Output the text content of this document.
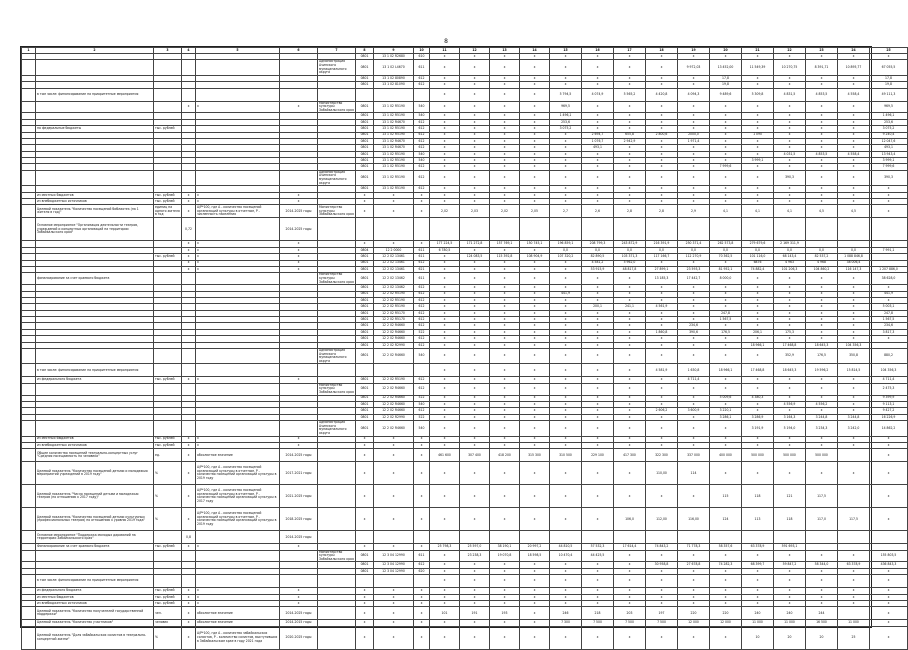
8
1	2	3	4	5	6	7	8	9	10	11	12	13	14	15	16	17	18	19	20	21	22	23	24	25
							0801	13 1 02 R2680	610	x	x	x	x	x	x	x	x	x	x	x	x	x	x	x
						Администрация Ачинского муниципального округа	0801	13 1 02 L4670	611	x	x	x	x	x	x	x	x	9 972,03	13 452,00	11 549,39	10 270,75	8 391,71	10 895,77	67 055,5
							0801	13 1 02 80890	612	x	x	x	x	x	x	x	x	x	17,8	x	x	x	x	17,8
							0801	13 1 02 81090	612	x	x	x	x	x	x	x	x	x	19,8	x	x	x	x	19,8
	в том числе: финансирование на приоритетные мероприятия									x	x	x	x	5 794,5	4 074,9	5 565,2	4 420,8	4 094,3	9 489,6	5 309,8	4 831,5	4 853,5	4 558,4	49 111,3
			x	x	x	Министерство культуры Забайкальского края	0801	13 1 02 R5190	540	x	x	x	x	969,5	x	x	x	x	x	x	x	x	x	969,5
							0801	13 1 02 R5190	540	x	x	x	x	1 496,1	x	x	x	x	x	x	x	x	x	1 496,1
							0801	13 1 02 R4670	612	x	x	x	x	253,6	x	x	x	x	x	x	x	x	x	253,6
	на федеральные бюджеты	тыс. рублей					0801	13 1 02 R5190	612	x	x	x	x	3 075,2	x	x	x	x	x	x	x	x	x	3 075,2
							0801	13 1 02 R5190	612	x	x	x	x	x	2 694,7	655,8	2 800,6	2000,0	x	1 090	x	x	x	9 240,4
							0801	13 1 02 R4670	612	x	x	x	x	x	1 076,7	2 942,9	x	1 971,4	x	x	x	x	x	12 047,6
							0801	13 1 02 R4670	612	x	x	x	x	x	493,1	x	x	x	x	x	x	x	x	493,1
							0801	13 1 02 R5190	540	x	x	x	x	x	x	x	x	x	x	x	4 031,5	4 853,5	4 558,4	13 943,4
							0801	13 1 02 R5190	540	x	x	x	x	x	x	x	x	x	x	3 999,1	x	x	x	3 999,1
							0801	13 1 02 R5190	612	x	x	x	x	x	x	x	x	x	7 999,6	x	x	x	x	7 999,6
						Администрация Ачинского муниципального округа	0801	13 1 02 R5190	612	x	x	x	x	x	x	x	x	x	x	x	390,3	x	x	390,3
							0801	13 1 02 R5190	612	x	x	x	x	x	x	x	x	x	x	x	x	x	x	x
	из местных бюджетов	тыс. рублей	x	x	x		x	x	x	x	x	x	x	x	x	x	x	x	x	x	x	x	x	x
	из внебюджетных источников	тыс. рублей	x	x	x		x	x	x	x	x	x	x	x	x	x	x	x	x	x	x	x	x	x
	Целевой показатель "Количество посещений библиотек (на 1 жителя в год)"	единиц на одного жителя в год	х	А/Р*100, где А - количество посещений организаций культуры в отчетном, Р - численность населения	2014-2025 годы	Министерство культуры Забайкальского края	х	х	х	2,02	2,03	2,02	2,05	2,7	2,6	2,8	2,8	2,9	4,1	4,1	4,1	4,5	4,5	х
	Основное мероприятие "Организация деятельности театров, учреждений и концертных организаций на территории Забайкальского края"		0,72		2014-2025 годы																			
			x	x	x		x	x	x	177 224,5	171 272,8	157 769,1	150 745,1	196 859,1	208 799,3	243 872,9	216 391,9	250 371,4	262 573,8	279 679,6	2 169 311,9			
			x	x	x		0804	12 2 0000	611	6 780,5	x	x	x	0,0	0,0	0,0	0,0	0,0	0,0	0,0	0,0	0,0	0,0	7 991,1
		тыс. рублей	x	x	x		0801	12 2 02 13461	611	x	124 083,5	115 392,8	108 904,9	107 320,2	82 890,5	103 371,3	117 166,7	112 270,9	70 362,5	101 116,0	68 143,4	82 537,2	1 088 846,8	
			x	x	x		0801	12 2 02 13461	612	x	x	x	x	x	4 581,2	5 962,0	x	x	x	6876	4 963	4 968	38 006,4	
			x	x	x		0801	12 2 02 13461	621	x	x	x	x	x	53 915,9	48 817,8	27 899,1	23 593,3	81 952,1	74 882,4	101 206,3	104 860,2	116 147,3	1 207 886,0
	финансирование за счет краевого бюджета					Министерство культуры Забайкальского края	0801	12 2 02 13462	611	x	x	x	x	x	x	x	13 185,3	17 442,7	8 000,0	x	x	x	x	38 628,0
							0801	12 2 02 13462	612	x	x	x	x	x	x	x	x	x	x	x	x	x	x	x
							0801	12 2 02 R5190	612	x	x	x	x	441,9	x	x	x	x	x	x	x	x	x	441,9
							0801	12 2 02 R5190	612	x	x	x	x	x	x	x	x	x	x	x	x	x	x	x
							0801	12 2 02 R5190	612	x	x	x	x	x	200,1	241,1	4 561,9	x	x	x	x	x	x	5 003,1
							0801	12 2 02 R5170	612	x	x	x	x	x	x	x	x	x	247,8	x	x	x	x	247,8
							0801	12 2 02 R5170	612	x	x	x	x	x	x	x	x	x	1 567,5	x	x	x	x	1 567,5
							0801	12 2 02 R4660	612	x	x	x	x	x	x	x	x	234,6	x	x	x	x	x	234,6
							0801	12 2 02 R4660	522	x	x	x	x	x	x	x	1 860,8	390,6	176,5	206,1	175,3	x	x	3 817,3
							0801	12 2 02 R4660	612	x	x	x	x	x	x	x	x	x	x	x	x	x	x	x
							0801	12 2 02 R2990	612	x	x	x	x	x	x	x	x	x	x	18 966,1	17 468,8	18 645,3	104 356,3	
						Администрация Ачинского муниципального округа	0801	12 2 02 R4660	540	x	x	x	x	x	x	x	x	x	x	x	352,9	176,5	350,8	880,2
	в том числе: финансирование на приоритетные мероприятия									x	x	x	x	x	x	x	4 581,9	1 630,8	18 966,1	17 468,8	18 645,3	19 596,2	15 814,5	104 356,3
	из федерального бюджета	тыс. рублей	x	x	x		0801	12 2 02 R5190	612	x	x	x	x	x	x	x	x	4 711,4	x	x	x	x	x	4 711,4
						Министерство культуры Забайкальского края	0801	12 2 02 R4660	612	x	x	x	x	x	x	x	x	x	x	x	x	x	x	2 475,3
							0801	12 2 02 R4660	522	x	x	x	x	x	x	x	x	x	5 009,6	4 380,3	x	x	x	9 399,9
							0801	12 2 02 R4660	540	x	x	x	x	x	x	x	x	x	x	x	4 556,9	4 556,2	x	9 113,1
							0801	12 2 02 R4660	612	x	x	x	x	x	x	x	2 606,2	3 600,9	3 220,1	x	x	x	x	9 427,2
							0801	12 2 02 R2990	522	x	x	x	x	x	x	x	x	x	3 286,1	3 286,9	3 164,3	3 244,8	3 244,8	16 226,9
						Администрация Ачинского муниципального округа	0801	12 2 02 R4660	540	x	x	x	x	x	x	x	x	x	x	3 191,9	5 194,0	3 234,3	3 242,0	14 862,2
	из местных бюджетов	тыс. рублей	x	x	x		x	x	x	x	x	x	x	x	x	x	x	x	x	x	x	x	x	x
	из внебюджетных источников	тыс. рублей	x	x	x		x	x	x	x	x	x	x	x	x	x	x	x	x	x	x	x	x	x
	Общее количество посещений театрально-концертных услуг "Средняя посещаемость на человека"	ед.	х	абсолютное значение	2014-2025 годы		х	х	х	461 600	307 400	418 200	315 300	310 500	229 100	417 300	322 300	337 000	400 000	500 000	500 000	500 000		х
	Целевой показатель "Количество посещений детьми и молодежью мероприятий учреждений в 2019 году"	%	х	А/Р*100, где А - количество посещений организаций культуры в отчетном, Р - количество посещений организаций культуры в 2019 году	2017-2021 годы		х	х	х	х	х	х	х	х	х	х	110,00	114	х	х	х	х	х	х
	Целевой показатель "Число посещений детьми и молодежью театров (по отношению к 2017 году)"	%	х	А/Р*100, где А - количество посещений организаций культуры в отчетном, Р - количество посещений организаций культуры в 2017 году	2021-2025 годы		х	х	х	х	х	х	х	х	х	х	х	х	115	118	121	117,5		х
	Целевой показатель "Количество посещений детьми культурных (профессиональных театров) по отношению к уровню 2019 года"	%	х	А/Р*100, где А - количество посещений организаций культуры в отчетном, Р - количество посещений организаций культуры в 2019 году	2018-2025 годы		х	х	х	х	х	х	х	х	х	106,0	112,00	116,00	124	113	118	117,0	117,5	х
	Основное мероприятие "Поддержка молодых дарований на территории Забайкальского края"		0,8		2014-2025 годы																			
	Финансирование за счет краевого бюджета	тыс. рублей	x	x	x		x	x	x	25 798,3	25 597,0	38 190,1	20 997,2	44 810,5	57 532,3	17 614,4	74 843,2	71 778,3	58 357,6	63 378,9	591 693,1			
						Министерство культуры Забайкальского края	0801	12 3 04 12990	611	x	23 238,3	19 070,8	18 598,5	10 470,4	44 425,5	x	x	x	x	x	x	x	x	155 803,5
							0801	12 3 04 12990	612	x	x	x	x	x	x	x	30 958,8	27 678,8	74 282,3	68 399,7	59 847,2	58 344,0	63 378,9	436 843,3
							0801	12 3 04 12990	620	x	x	x	x	x	x	x	x	x	x	x	x	x	x	x
	в том числе: финансирование на приоритетные мероприятия									x	x	x	x	x	x	x	x	x	x	x	x	x	x	x
	из федерального бюджета	тыс. рублей	x	x	x		x	x	x	x	x	x	x	x	x	x	x	x	x	x	x	x	x	x
	из местных бюджетов	тыс. рублей	x	x	x		x	x	x	x	x	x	x	x	x	x	x	x	x	x	x	x	x	x
	из внебюджетных источников	тыс. рублей	x	x	x		x	x	x	x	x	x	x	x	x	x	x	x	x	x	x	x	x	x
	Целевой показатель "Количество получателей государственной поддержки"	чел.	х	абсолютное значение	2014-2025 годы		х	х	х	101	191	193	x	246	218	203	197	220	220	240	240	244		х
	Целевой показатель "Количество участников"	человек	х	абсолютное значение	2014-2015 годы		х	х	х	х	х	х	х	7 300	7 500	7 500	7 500	12 000	12 000	11 000	11 000	16 500	11 000	х
	Целевой показатель "Доля забайкальских солистов в театрально-концертной жизни"	%	х	А/Р*100, где А - количество забайкальских солистов, Р - количество солистов, выступивших в Забайкальском крае в году 2021 года	2020-2025 годы		х	х	х	х	х	х	х	х	х	х	х	х	х	10	20	20	25	х
